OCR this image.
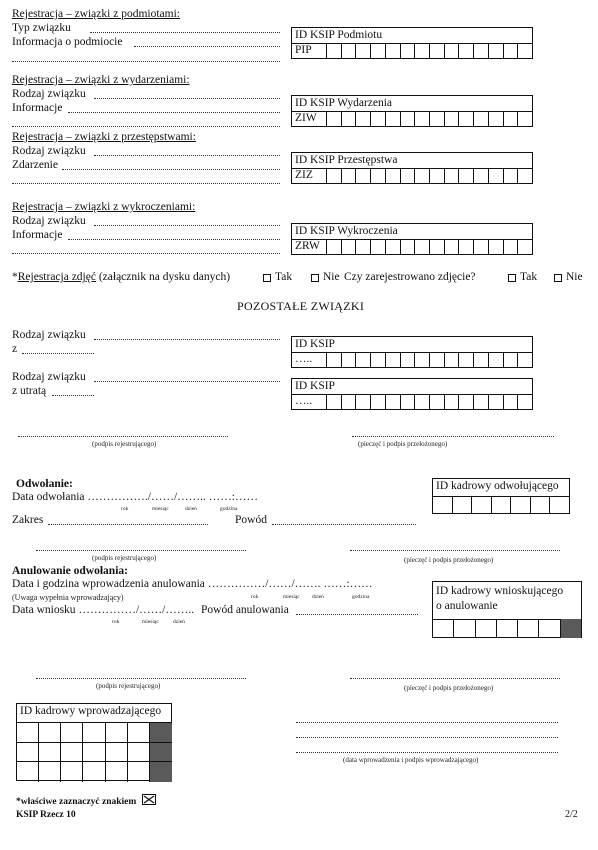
Rejestracja – związki z podmiotami:
Typ związku
Informacja o podmiocie
ID KSIP Podmiotu
PIP
Rejestracja – związki z wydarzeniami:
Rodzaj związku
Informacje	ID KSIP Wydarzenia
ZIW
Rejestracja – związki z przestępstwami:
Rodzaj związku
Zdarzenie	ID KSIP Przestępstwa
ZIZ
Rejestracja – związki z wykroczeniami:
Rodzaj związku
Informacje	ID KSIP Wykroczenia
ZRW
*Rejestracja zdjęć (załącznik na dysku danych)	Tak	Nie Czy zarejestrowano zdjęcie?	Tak	Nie
POZOSTAŁE ZWIĄZKI
Rodzaj związku
z	ID KSIP
…..
Rodzaj związku
z utratą	ID KSIP
…..
(podpis rejestrującego)	(pieczęć i podpis przełożonego)
Odwołanie:
Data odwołania ……………./……/…….. ……:……
rok	miesiąc	dzień	godzina
Zakres	Powód
ID kadrowy odwołującego
(podpis rejestrującego)	(pieczęć i podpis przełożonego)
Anulowanie odwołania:
Data i godzina wprowadzenia anulowania ……………/……/……. ……:……
(Uwaga wypełnia wprowadzający)	rok	miesiąc dzień	godzina
Data wniosku ……………/……/……..
rok	miesiąc	dzień
Powód anulowania
ID kadrowy wnioskującego
o anulowanie
(podpis rejestrującego)	(pieczęć i podpis przełożonego)
ID kadrowy wprowadzającego
(data wprowadzenia i podpis wprowadzającego)
*właściwe zaznaczyć znakiem
KSIP Rzecz 10	2/2
